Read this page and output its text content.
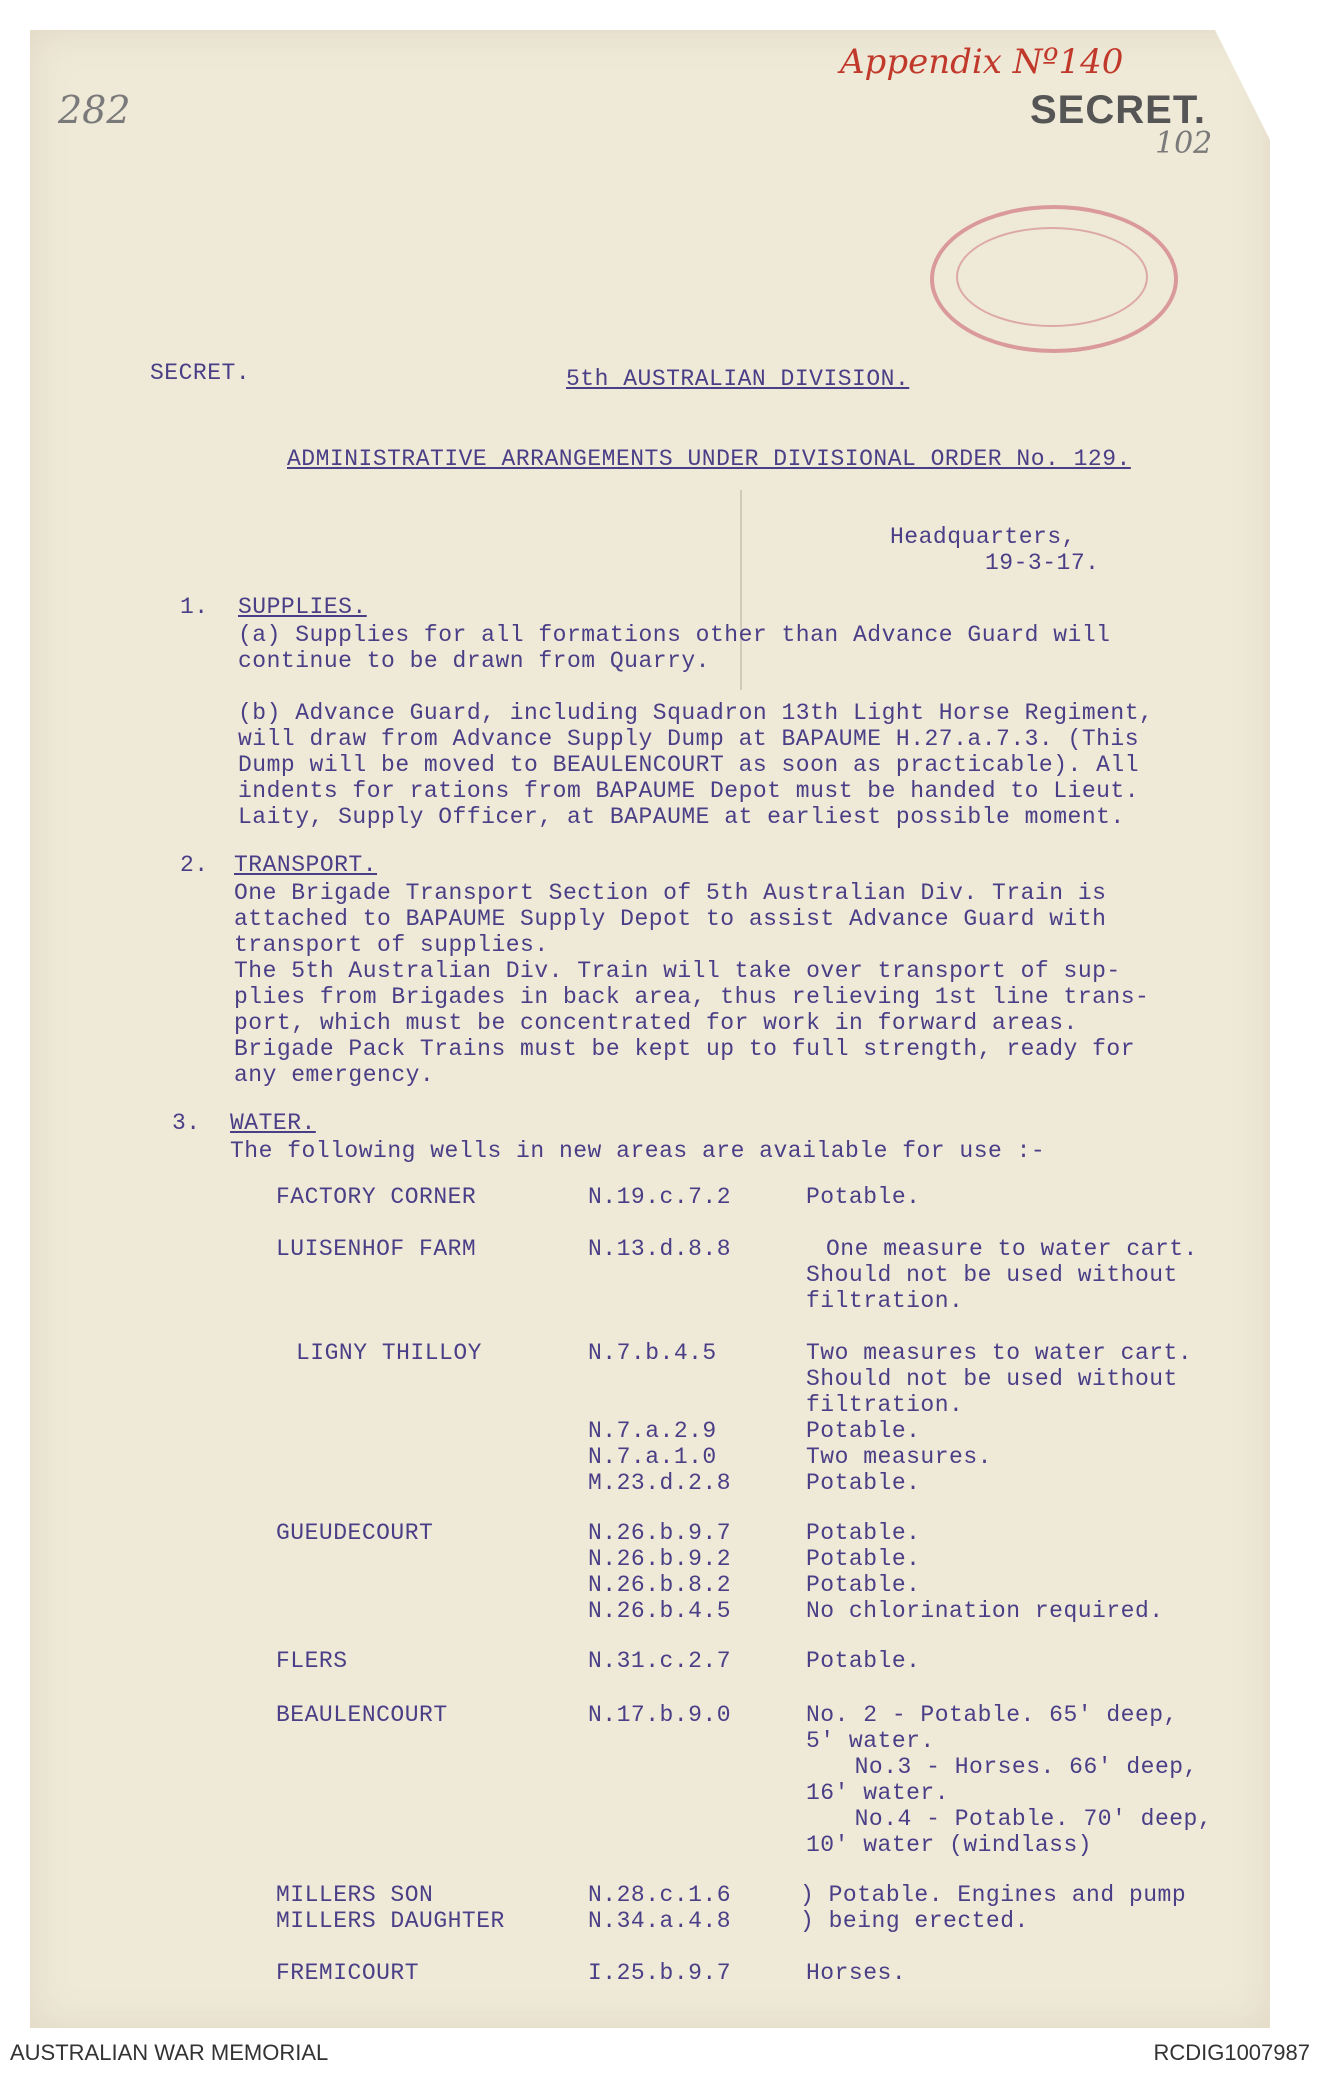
282
Appendix Nº140
SECRET.
102
SECRET.	5th AUSTRALIAN DIVISION.
ADMINISTRATIVE ARRANGEMENTS UNDER DIVISIONAL ORDER No. 129.
Headquarters,
19-3-17.
1. SUPPLIES.
(a) Supplies for all formations other than Advance Guard will
continue to be drawn from Quarry.
(b) Advance Guard, including Squadron 13th Light Horse Regiment,
will draw from Advance Supply Dump at BAPAUME H.27.a.7.3. (This
Dump will be moved to BEAULENCOURT as soon as practicable). All
indents for rations from BAPAUME Depot must be handed to Lieut.
Laity, Supply Officer, at BAPAUME at earliest possible moment.
2. TRANSPORT.
One Brigade Transport Section of 5th Australian Div. Train is
attached to BAPAUME Supply Depot to assist Advance Guard with
transport of supplies.
The 5th Australian Div. Train will take over transport of sup-
plies from Brigades in back area, thus relieving 1st line trans-
port, which must be concentrated for work in forward areas.
Brigade Pack Trains must be kept up to full strength, ready for
any emergency.
3. WATER.
The following wells in new areas are available for use :-
FACTORY CORNER	N.19.c.7.2	Potable.
LUISENHOF FARM	N.13.d.8.8	One measure to water cart.
Should not be used without
filtration.
LIGNY THILLOY	N.7.b.4.5	Two measures to water cart.
Should not be used without
filtration.
N.7.a.2.9	Potable.
N.7.a.1.0	Two measures.
M.23.d.2.8	Potable.
GUEUDECOURT	N.26.b.9.7	Potable.
N.26.b.9.2	Potable.
N.26.b.8.2	Potable.
N.26.b.4.5	No chlorination required.
FLERS	N.31.c.2.7	Potable.
BEAULENCOURT	N.17.b.9.0	No. 2 - Potable. 65' deep,
5' water.
No.3 - Horses. 66' deep,
16' water.
No.4 - Potable. 70' deep,
10' water (windlass)
MILLERS SON	N.28.c.1.6	) Potable. Engines and pump
MILLERS DAUGHTER	N.34.a.4.8	) being erected.
FREMICOURT	I.25.b.9.7	Horses.
AUSTRALIAN WAR MEMORIAL	RCDIG1007987
